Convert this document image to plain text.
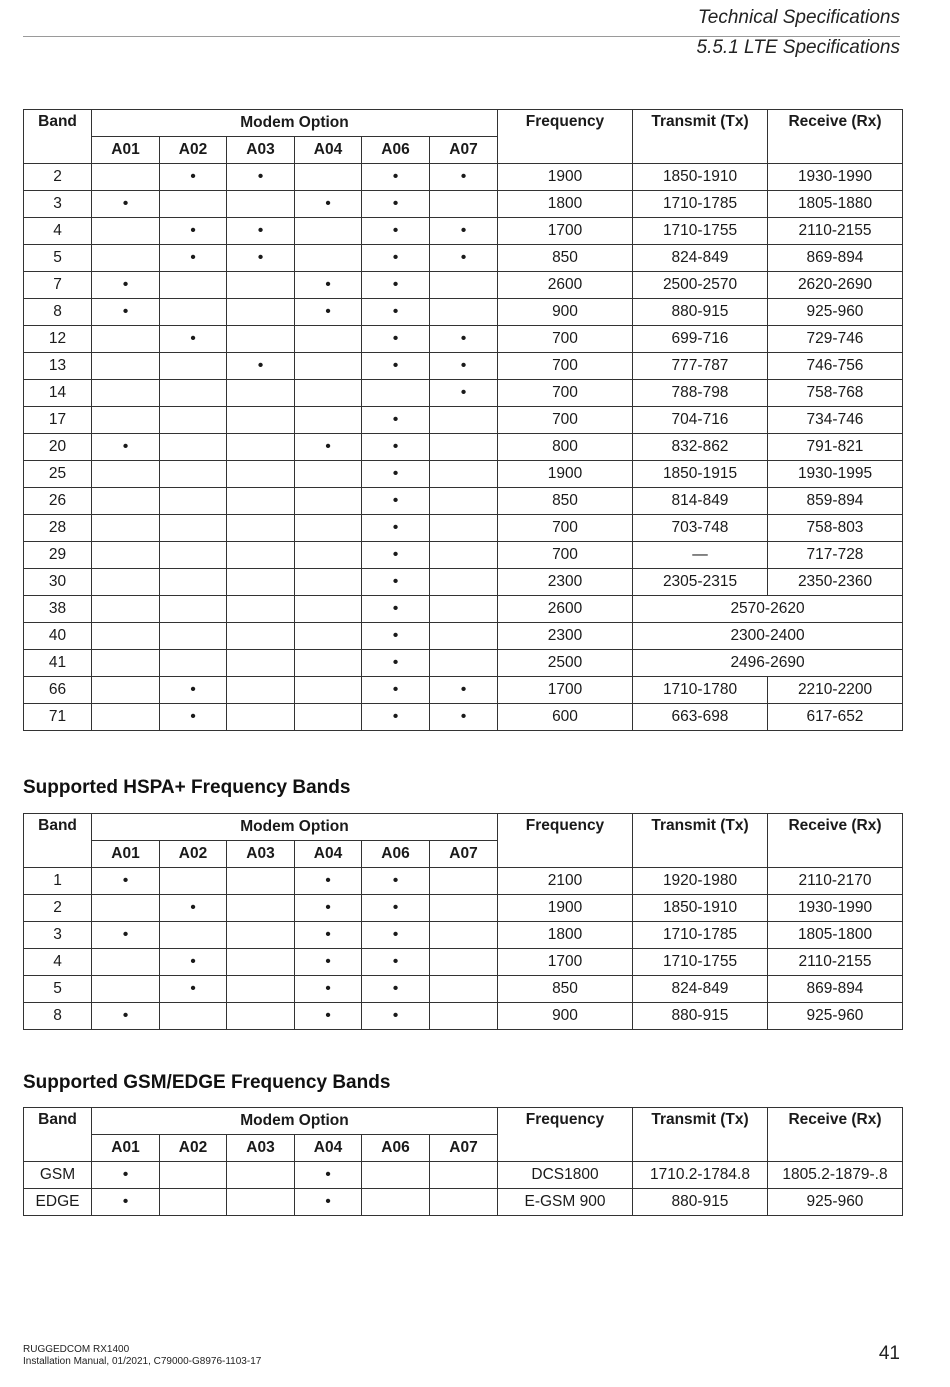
Technical Specifications
5.5.1 LTE Specifications
Band	Modem Option						Frequency	Transmit (Tx)	Receive (Rx)
	A01	A02	A03	A04	A06	A07			
2		•	•		•	•	1900	1850-1910	1930-1990
3	•			•	•		1800	1710-1785	1805-1880
4		•	•		•	•	1700	1710-1755	2110-2155
5		•	•		•	•	850	824-849	869-894
7	•			•	•		2600	2500-2570	2620-2690
8	•			•	•		900	880-915	925-960
12		•			•	•	700	699-716	729-746
13			•		•	•	700	777-787	746-756
14						•	700	788-798	758-768
17					•		700	704-716	734-746
20	•			•	•		800	832-862	791-821
25					•		1900	1850-1915	1930-1995
26					•		850	814-849	859-894
28					•		700	703-748	758-803
29					•		700	—	717-728
30					•		2300	2305-2315	2350-2360
38					•		2600	2570-2620	
40					•		2300	2300-2400	
41					•		2500	2496-2690	
66		•			•	•	1700	1710-1780	2210-2200
71		•			•	•	600	663-698	617-652
Supported HSPA+ Frequency Bands
Band	Modem Option						Frequency	Transmit (Tx)	Receive (Rx)
	A01	A02	A03	A04	A06	A07			
1	•			•	•		2100	1920-1980	2110-2170
2		•		•	•		1900	1850-1910	1930-1990
3	•			•	•		1800	1710-1785	1805-1800
4		•		•	•		1700	1710-1755	2110-2155
5		•		•	•		850	824-849	869-894
8	•			•	•		900	880-915	925-960
Supported GSM/EDGE Frequency Bands
Band	Modem Option						Frequency	Transmit (Tx)	Receive (Rx)
	A01	A02	A03	A04	A06	A07			
GSM	•			•			DCS1800	1710.2-1784.8	1805.2-1879-.8
EDGE	•			•			E-GSM 900	880-915	925-960
RUGGEDCOM RX1400
Installation Manual, 01/2021, C79000-G8976-1103-17	41
